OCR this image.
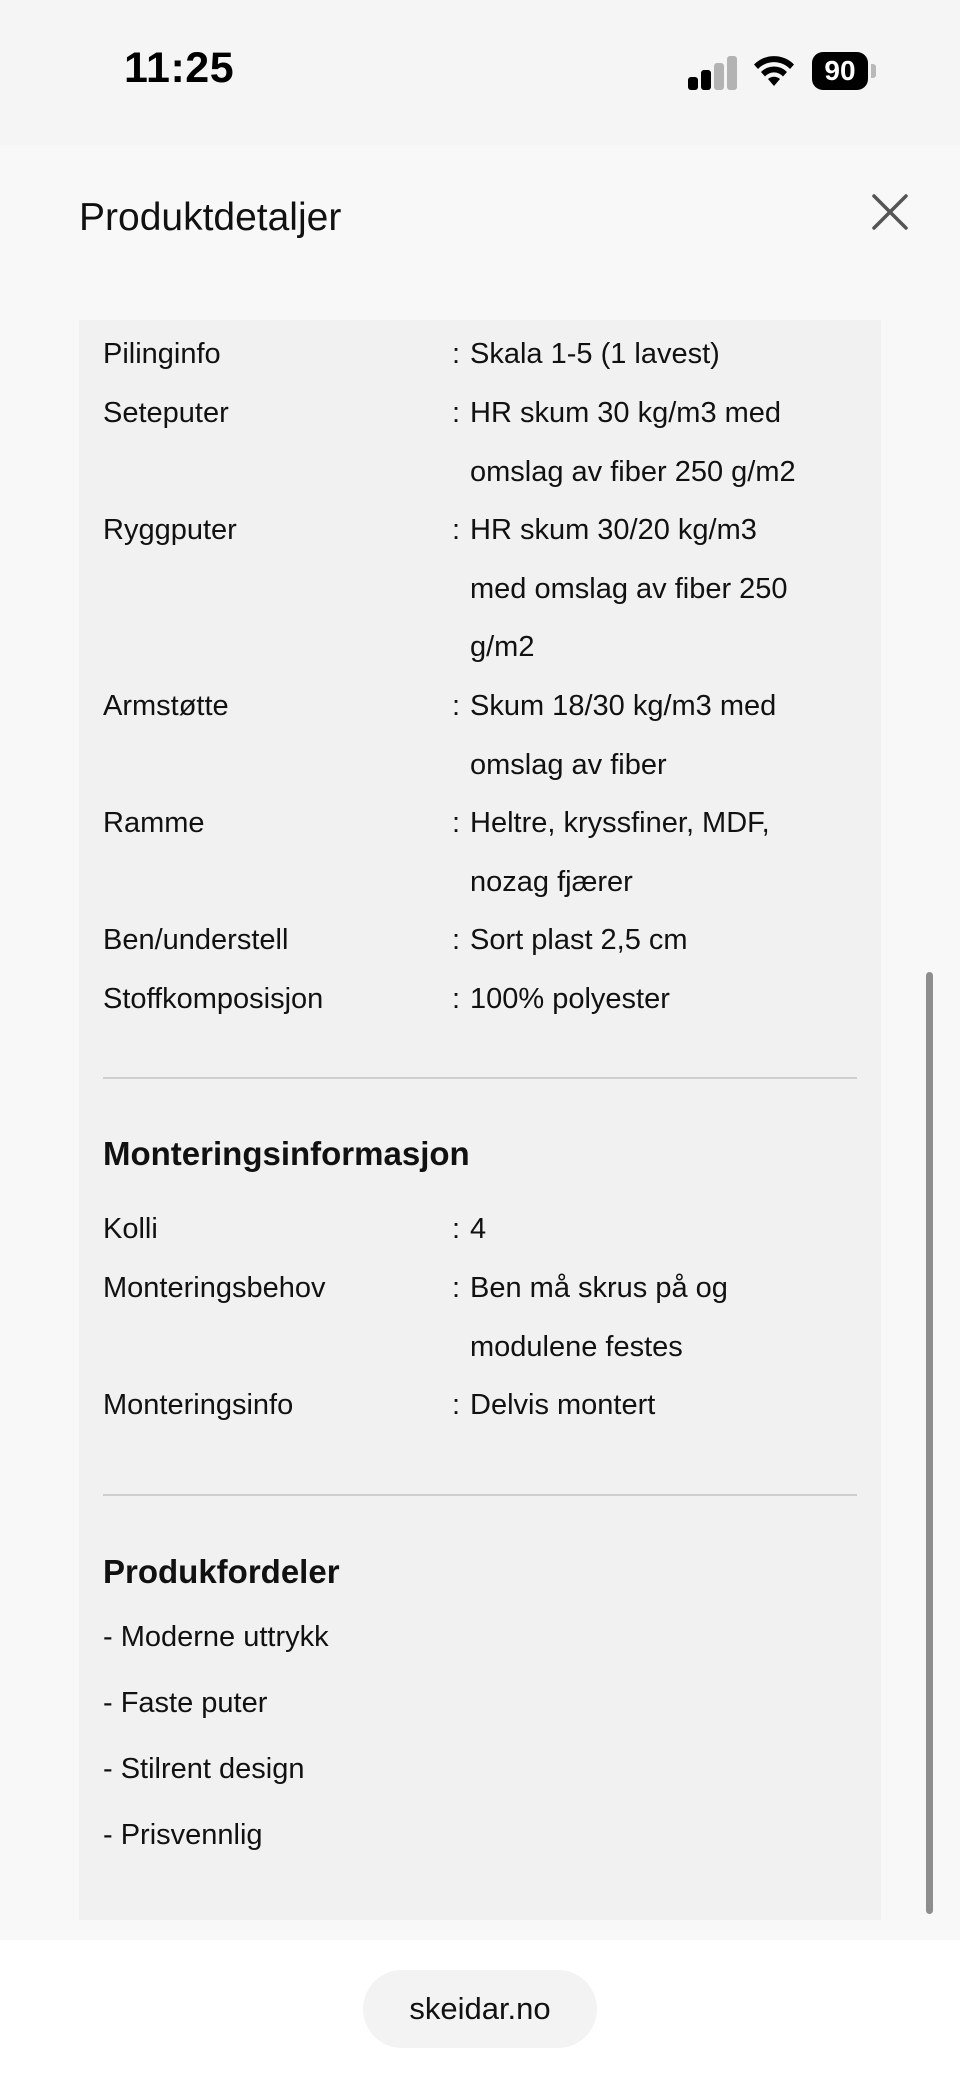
11:25	90
Produktdetaljer
Pilinginfo	: Skala 1-5 (1 lavest)
Seteputer	: HR skum 30 kg/m3 med
omslag av fiber 250 g/m2
Ryggputer	: HR skum 30/20 kg/m3
med omslag av fiber 250
g/m2
Armstøtte	: Skum 18/30 kg/m3 med
omslag av fiber
Ramme	: Heltre, kryssfiner, MDF,
nozag fjærer
Ben/understell	: Sort plast 2,5 cm
Stoffkomposisjon	: 100% polyester
Monteringsinformasjon
Kolli	: 4
Monteringsbehov	: Ben må skrus på og
modulene festes
Monteringsinfo	: Delvis montert
Produkfordeler
- Moderne uttrykk
- Faste puter
- Stilrent design
- Prisvennlig
skeidar.no
